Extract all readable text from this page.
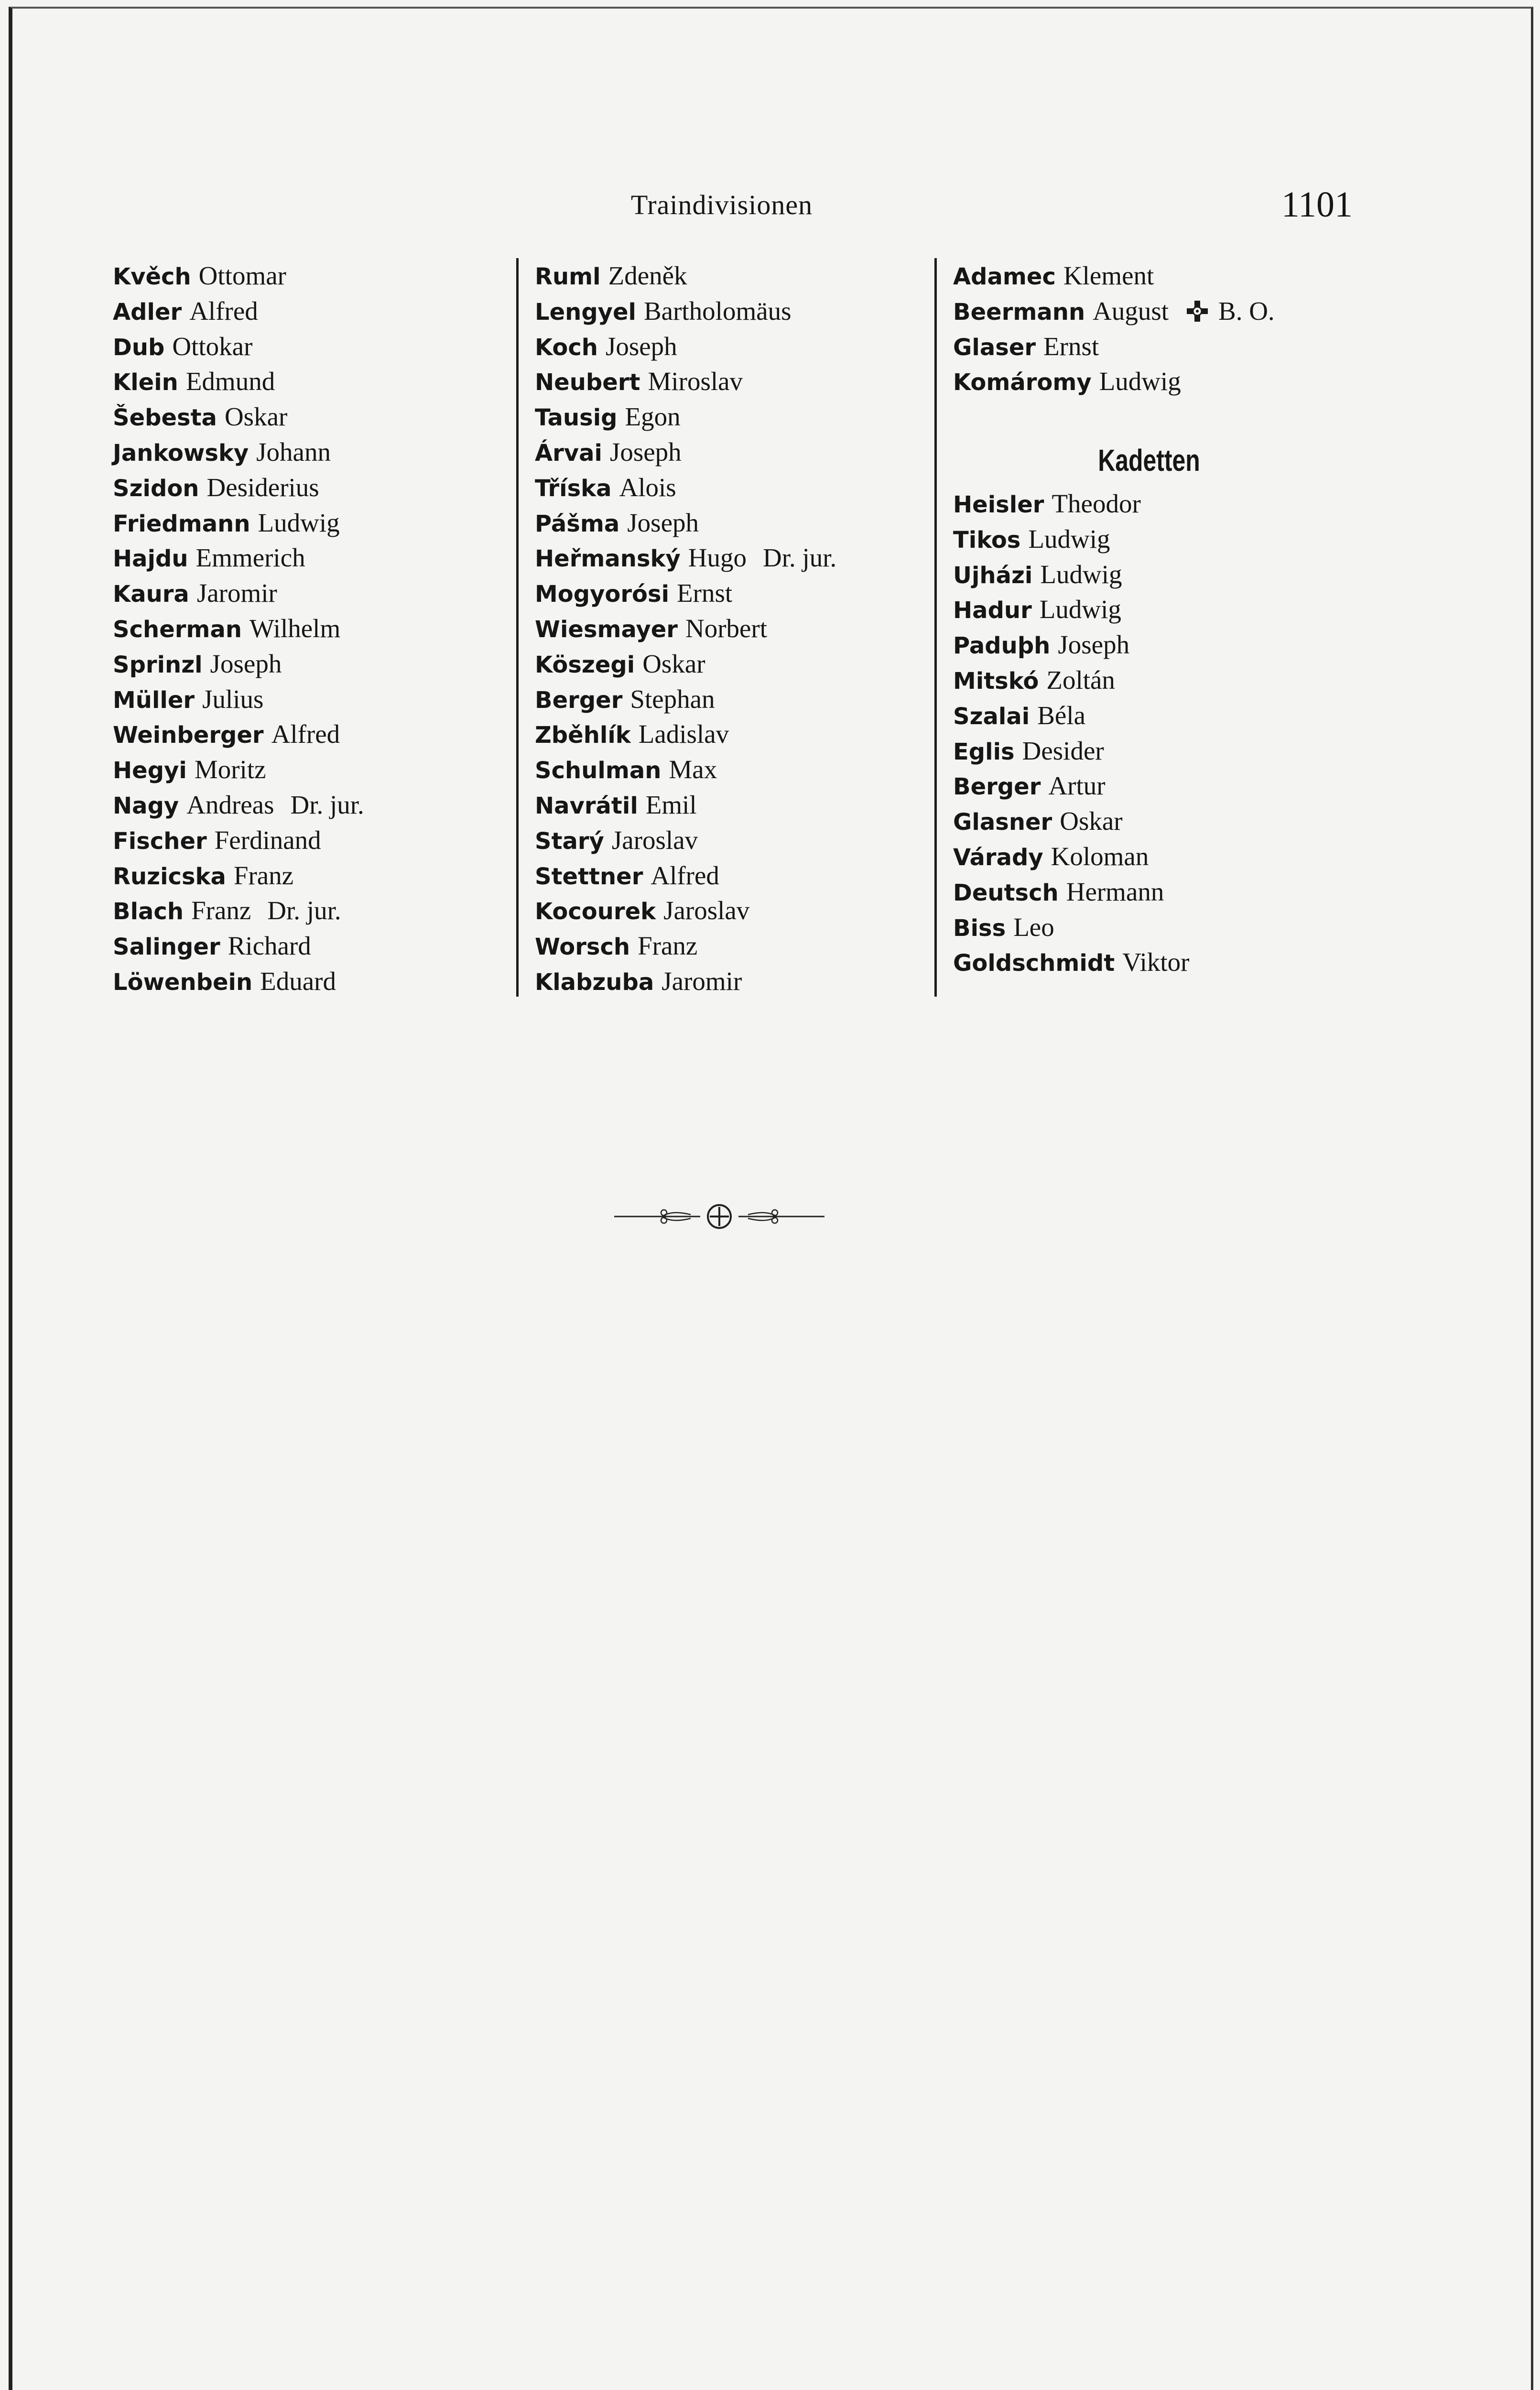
Traindivisionen	1101
Kvěch Ottomar
Adler Alfred
Dub Ottokar
Klein Edmund
Šebesta Oskar
Jankowsky Johann
Szidon Desiderius
Friedmann Ludwig
Hajdu Emmerich
Kaura Jaromir
Scherman Wilhelm
Sprinzl Joseph
Müller Julius
Weinberger Alfred
Hegyi Moritz
Nagy Andreas Dr. jur.
Fischer Ferdinand
Ruzicska Franz
Blach Franz Dr. jur.
Salinger Richard
Löwenbein Eduard
Ruml Zdeněk
Lengyel Bartholomäus
Koch Joseph
Neubert Miroslav
Tausig Egon
Árvai Joseph
Tříska Alois
Pášma Joseph
Heřmanský Hugo Dr. jur.
Mogyorósi Ernst
Wiesmayer Norbert
Köszegi Oskar
Berger Stephan
Zběhlík Ladislav
Schulman Max
Navrátil Emil
Starý Jaroslav
Stettner Alfred
Kocourek Jaroslav
Worsch Franz
Klabzuba Jaromir
Adamec Klement
Beermann August B. O.
Glaser Ernst
Komáromy Ludwig
Kadetten
Heisler Theodor
Tikos Ludwig
Ujházi Ludwig
Hadur Ludwig
Paduþh Joseph
Mitskó Zoltán
Szalai Béla
Eglis Desider
Berger Artur
Glasner Oskar
Várady Koloman
Deutsch Hermann
Biss Leo
Goldschmidt Viktor
